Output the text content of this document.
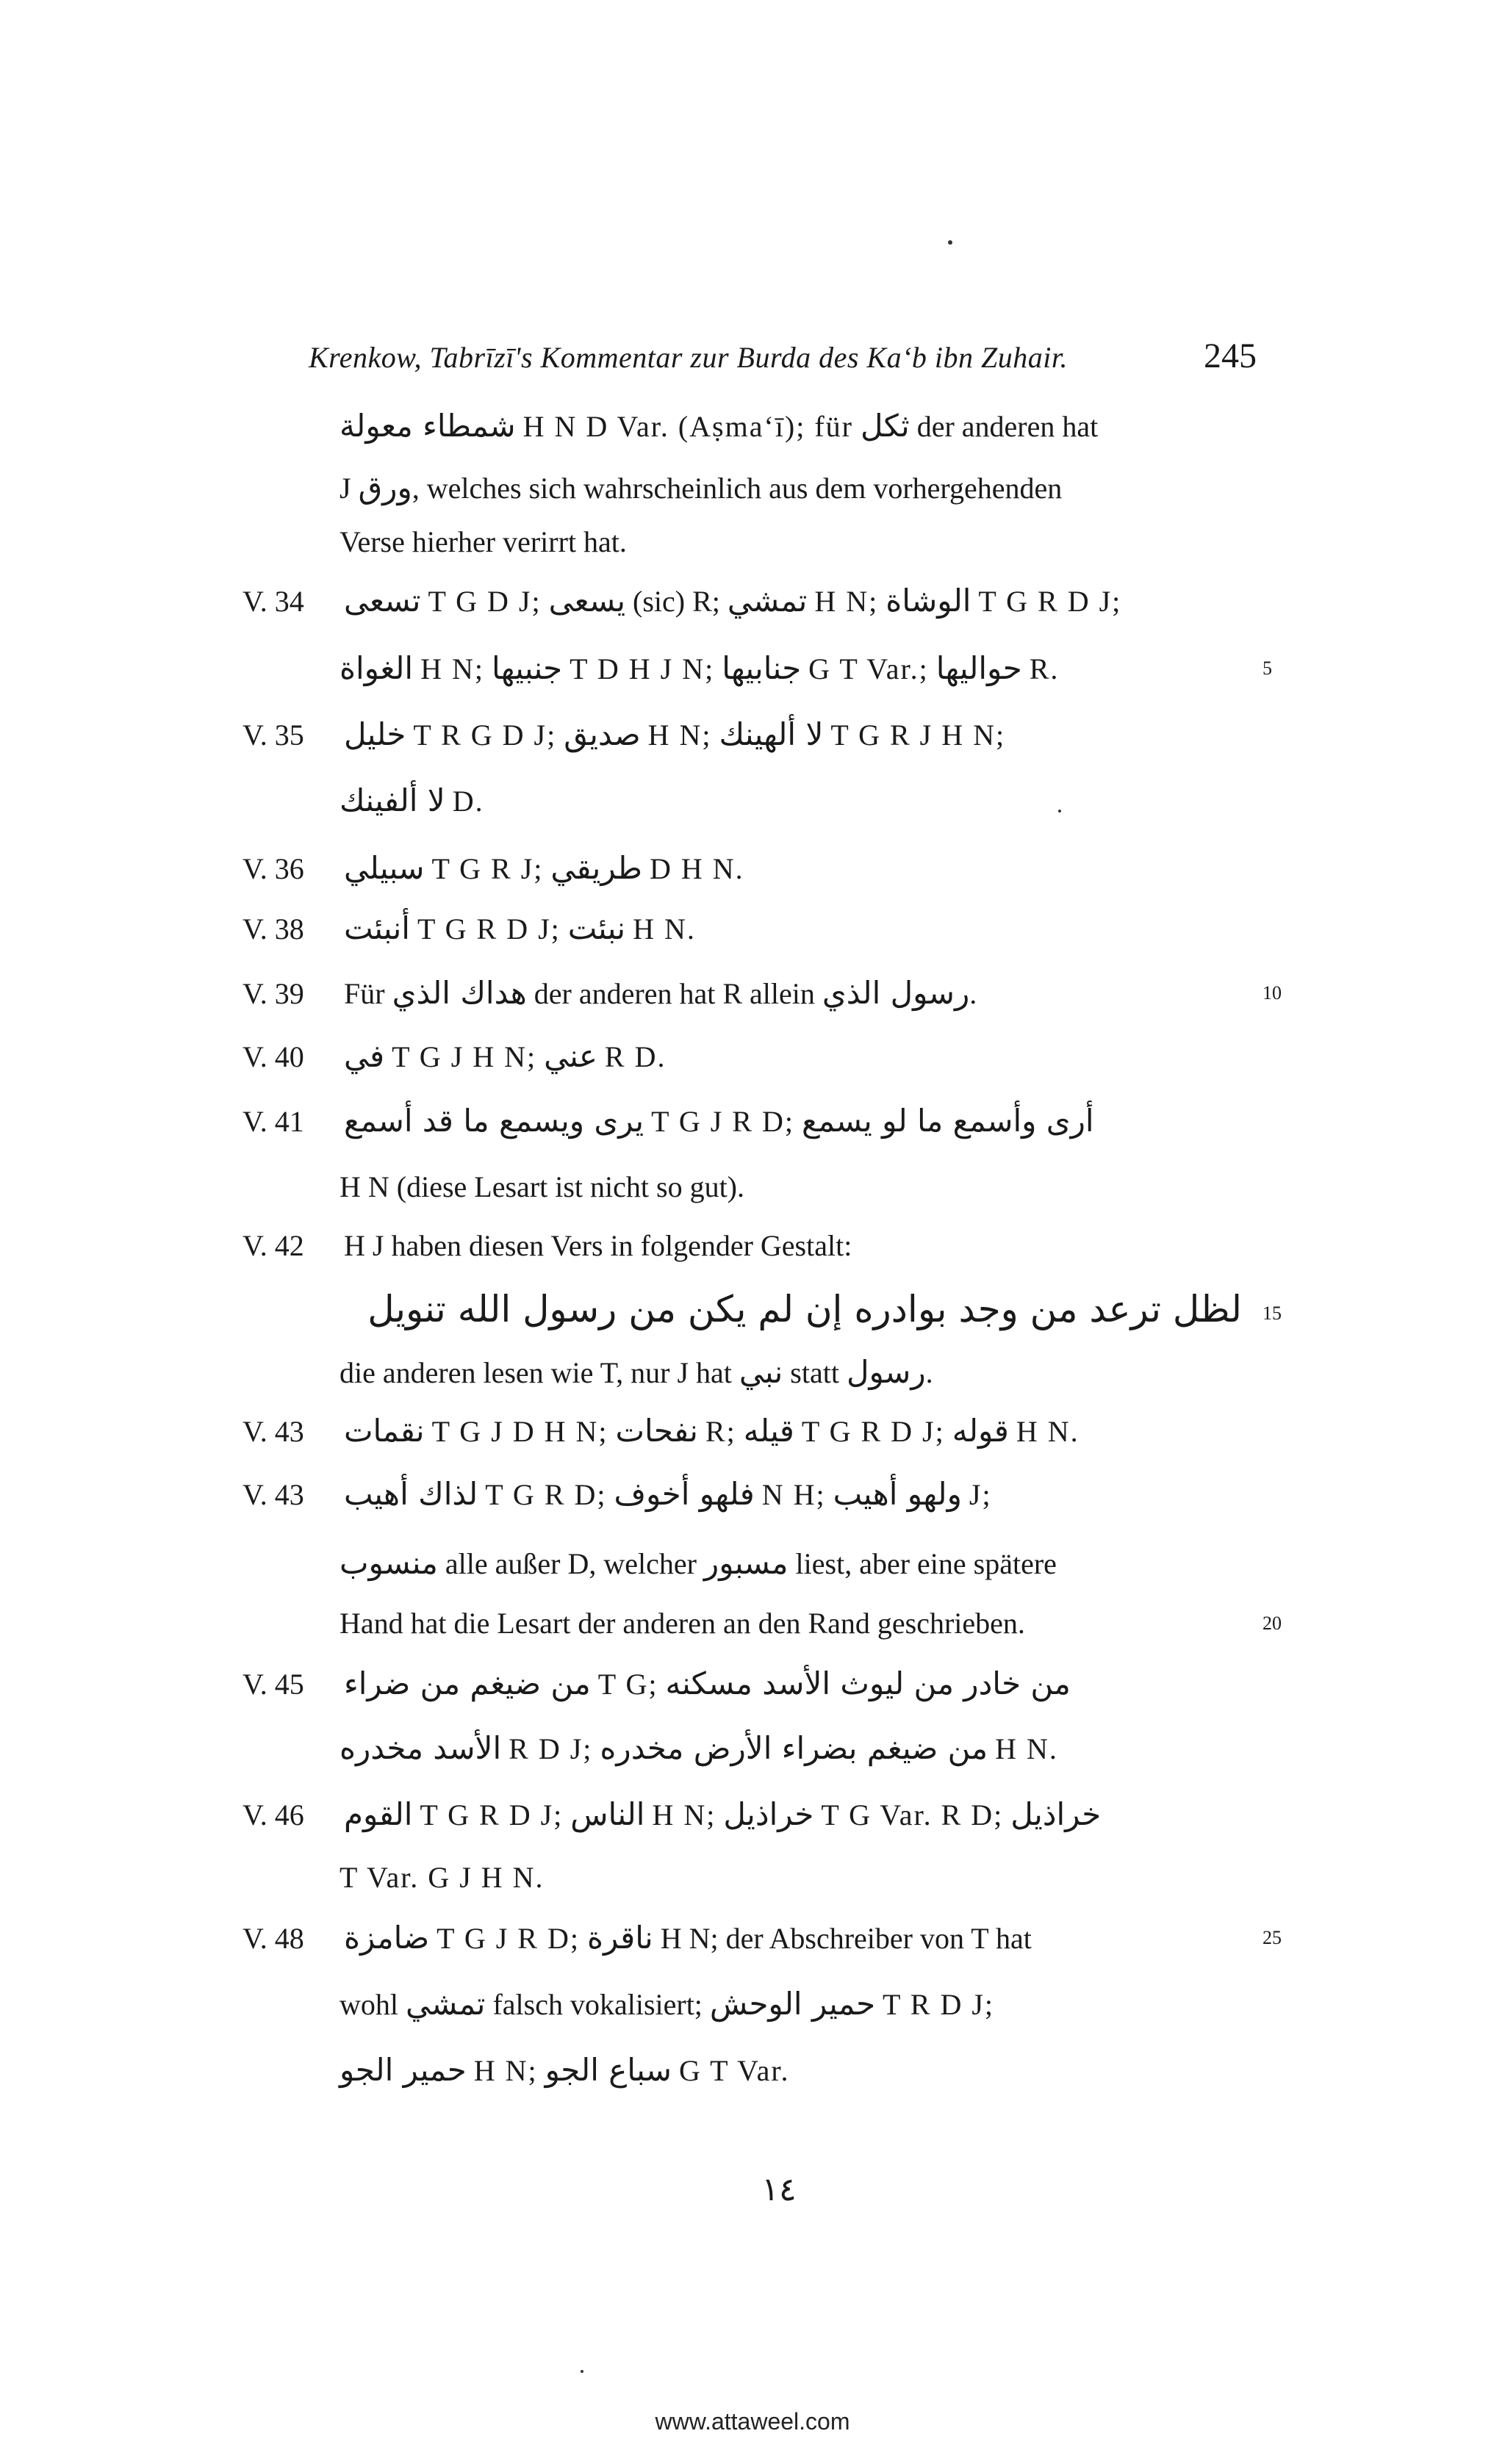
Krenkow, Tabrīzī's Kommentar zur Burda des Ka‘b ibn Zuhair.	245
شمطاء معولة H N D Var. (Aṣma‘ī); für ثكل der anderen hat
J ورق, welches sich wahrscheinlich aus dem vorhergehenden
Verse hierher verirrt hat.
V. 34 تسعى T G D J; يسعى (sic) R; تمشي H N; الوشاة T G R D J;
الغواة H N; جنبيها T D H J N; جنابيها G T Var.; حواليها R.	5
V. 35 خليل T R G D J; صديق H N; لا ألهينك T G R J H N;
لا ألفينك D.
V. 36 سبيلي T G R J; طريقي D H N.
V. 38 أنبئت T G R D J; نبئت H N.
V. 39 Für هداك الذي der anderen hat R allein رسول الذي.	10
V. 40 في T G J H N; عني R D.
V. 41 يرى ويسمع ما قد أسمع T G J R D; أرى وأسمع ما لو يسمع
H N (diese Lesart ist nicht so gut).
V. 42 H J haben diesen Vers in folgender Gestalt:
لظل ترعد من وجد بوادره إن لم يكن من رسول الله تنويل 15
die anderen lesen wie T, nur J hat نبي statt رسول.
V. 43 نقمات T G J D H N; نفحات R; قيله T G R D J; قوله H N.
V. 43 لذاك أهيب T G R D; فلهو أخوف N H; ولهو أهيب J;
منسوب alle außer D, welcher مسبور liest, aber eine spätere
Hand hat die Lesart der anderen an den Rand geschrieben.	20
V. 45 من ضيغم من ضراء T G; من خادر من ليوث الأسد مسكنه
الأسد مخدره R D J; من ضيغم بضراء الأرض مخدره H N.
V. 46 القوم T G R D J; الناس H N; خراذيل T G Var. R D; خراذيل
T Var. G J H N.
V. 48 ضامزة T G J R D; ناقرة H N; der Abschreiber von T hat	25
wohl تمشي falsch vokalisiert; حمير الوحش T R D J;
حمير الجو H N; سباع الجو G T Var.
١٤
www.attaweel.com
